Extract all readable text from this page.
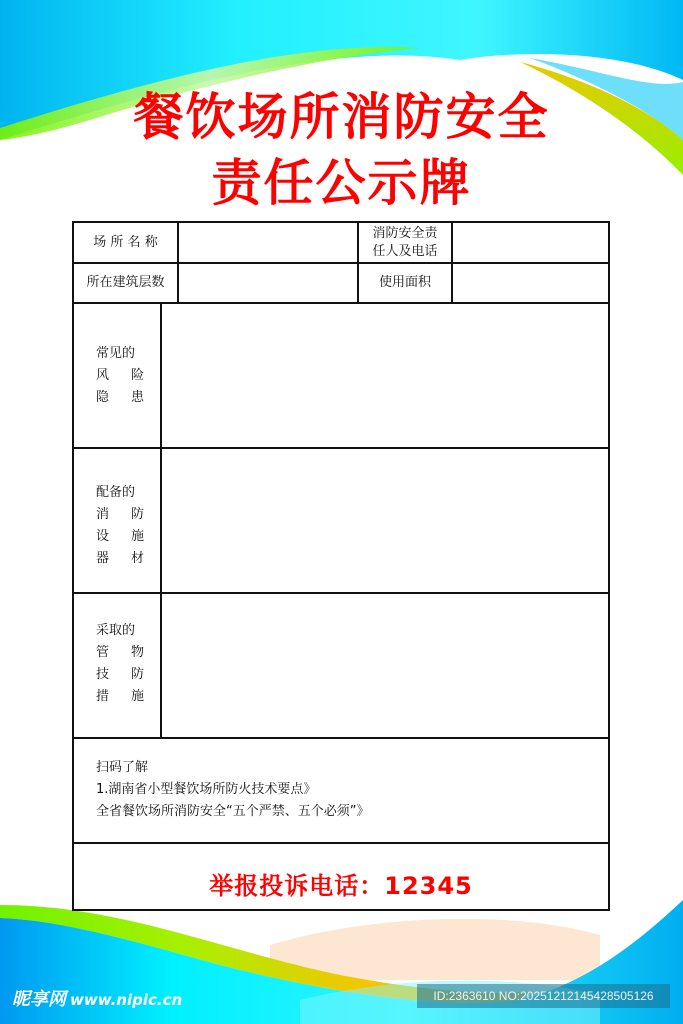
餐饮场所消防安全
责任公示牌
场 所 名 称
消防安全责
任人及电话
所在建筑层数	使用面积
常见的
风 险
隐 患
配备的
消 防
设 施
器 材
采取的
管 物
技 防
措 施
扫码了解
1.湖南省小型餐饮场所防火技术要点》
全省餐饮场所消防安全“五个严禁、五个必须”》
举报投诉电话：12345
昵享网 www.nipic.cn	ID:2363610 NO:20251212145428505126
